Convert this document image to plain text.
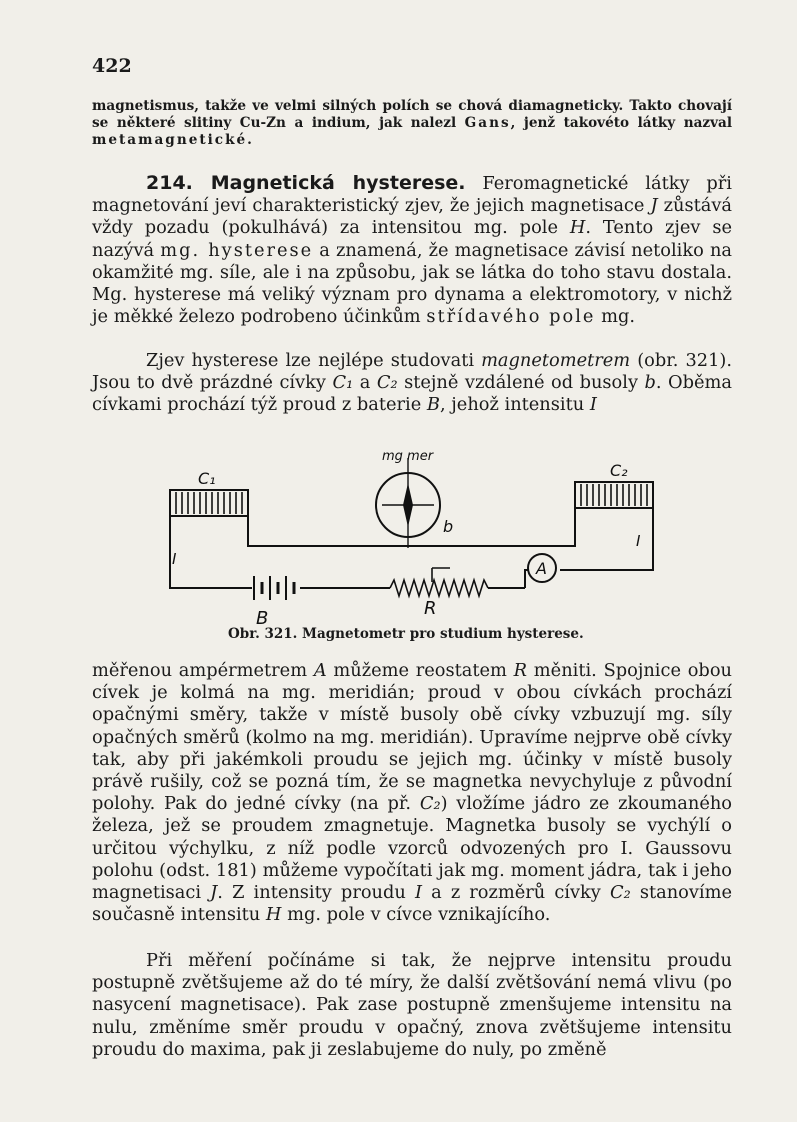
422
magnetismus, takže ve velmi silných polích se chová diamagneticky. Takto chovají se některé slitiny Cu-Zn a indium, jak nalezl Gans, jenž takovéto látky nazval metamagnetické.
214. Magnetická hysterese. Feromagnetické látky při magnetování jeví charakteristický zjev, že jejich magnetisace J zůstává vždy pozadu (pokulhává) za intensitou mg. pole H. Tento zjev se nazývá mg. hysterese a znamená, že magnetisace závisí netoliko na okamžité mg. síle, ale i na způsobu, jak se látka do toho stavu dostala. Mg. hysterese má veliký význam pro dynama a elektromotory, v nichž je měkké železo podrobeno účinkům střídavého pole mg.
Zjev hysterese lze nejlépe studovati magnetometrem (obr. 321). Jsou to dvě prázdné cívky C₁ a C₂ stejně vzdálené od busoly b. Oběma cívkami prochází týž proud z baterie B, jehož intensitu I
A
mg mer
C₁	C₂
b
B	R
I
I
Obr. 321. Magnetometr pro studium hysterese.
měřenou ampérmetrem A můžeme reostatem R měniti. Spojnice obou cívek je kolmá na mg. meridián; proud v obou cívkách prochází opačnými směry, takže v místě busoly obě cívky vzbuzují mg. síly opačných směrů (kolmo na mg. meridián). Upravíme nejprve obě cívky tak, aby při jakémkoli proudu se jejich mg. účinky v místě busoly právě rušily, což se pozná tím, že se magnetka nevychyluje z původní polohy. Pak do jedné cívky (na př. C₂) vložíme jádro ze zkoumaného železa, jež se proudem zmagnetuje. Magnetka busoly se vychýlí o určitou výchylku, z níž podle vzorců odvozených pro I. Gaussovu polohu (odst. 181) můžeme vypočítati jak mg. moment jádra, tak i jeho magnetisaci J. Z intensity proudu I a z rozměrů cívky C₂ stanovíme současně intensitu H mg. pole v cívce vznikajícího.
Při měření počínáme si tak, že nejprve intensitu proudu postupně zvětšujeme až do té míry, že další zvětšování nemá vlivu (po nasycení magnetisace). Pak zase postupně zmenšujeme intensitu na nulu, změníme směr proudu v opačný, znova zvětšujeme intensitu proudu do maxima, pak ji zeslabujeme do nuly, po změně
